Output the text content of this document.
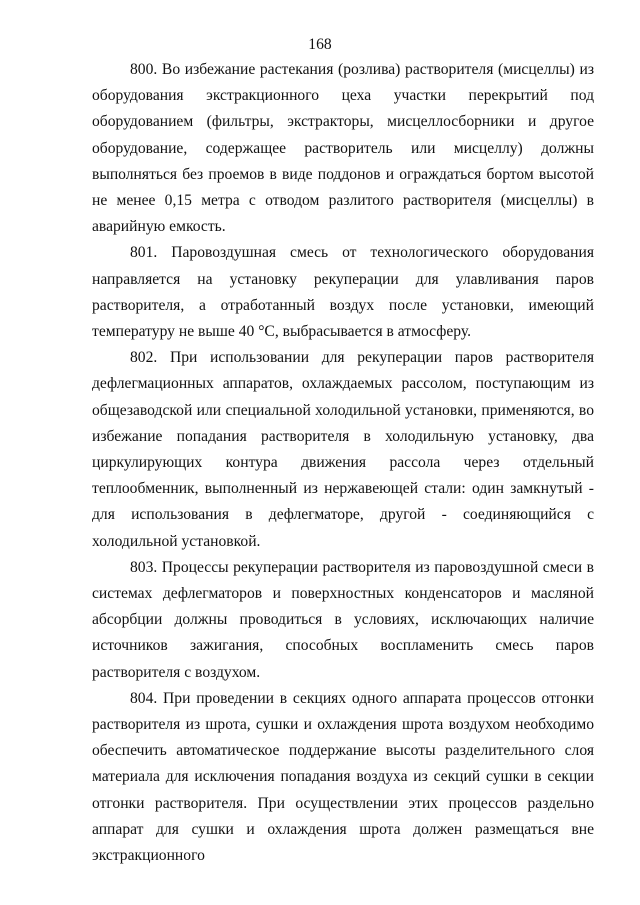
168

800. Во избежание растекания (розлива) растворителя (мисцеллы) из оборудования экстракционного цеха участки перекрытий под оборудованием (фильтры, экстракторы, мисцеллосборники и другое оборудование, содержащее растворитель или мисцеллу) должны выполняться без проемов в виде поддонов и ограждаться бортом высотой не менее 0,15 метра с отводом разлитого растворителя (мисцеллы) в аварийную емкость.

801. Паровоздушная смесь от технологического оборудования направляется на установку рекуперации для улавливания паров растворителя, а отработанный воздух после установки, имеющий температуру не выше 40 °С, выбрасывается в атмосферу.

802. При использовании для рекуперации паров растворителя дефлегмационных аппаратов, охлаждаемых рассолом, поступающим из общезаводской или специальной холодильной установки, применяются, во избежание попадания растворителя в холодильную установку, два циркулирующих контура движения рассола через отдельный теплообменник, выполненный из нержавеющей стали: один замкнутый - для использования в дефлегматоре, другой - соединяющийся с холодильной установкой.

803. Процессы рекуперации растворителя из паровоздушной смеси в системах дефлегматоров и поверхностных конденсаторов и масляной абсорбции должны проводиться в условиях, исключающих наличие источников зажигания, способных воспламенить смесь паров растворителя с воздухом.

804. При проведении в секциях одного аппарата процессов отгонки растворителя из шрота, сушки и охлаждения шрота воздухом необходимо обеспечить автоматическое поддержание высоты разделительного слоя материала для исключения попадания воздуха из секций сушки в секции отгонки растворителя. При осуществлении этих процессов раздельно аппарат для сушки и охлаждения шрота должен размещаться вне экстракционного
